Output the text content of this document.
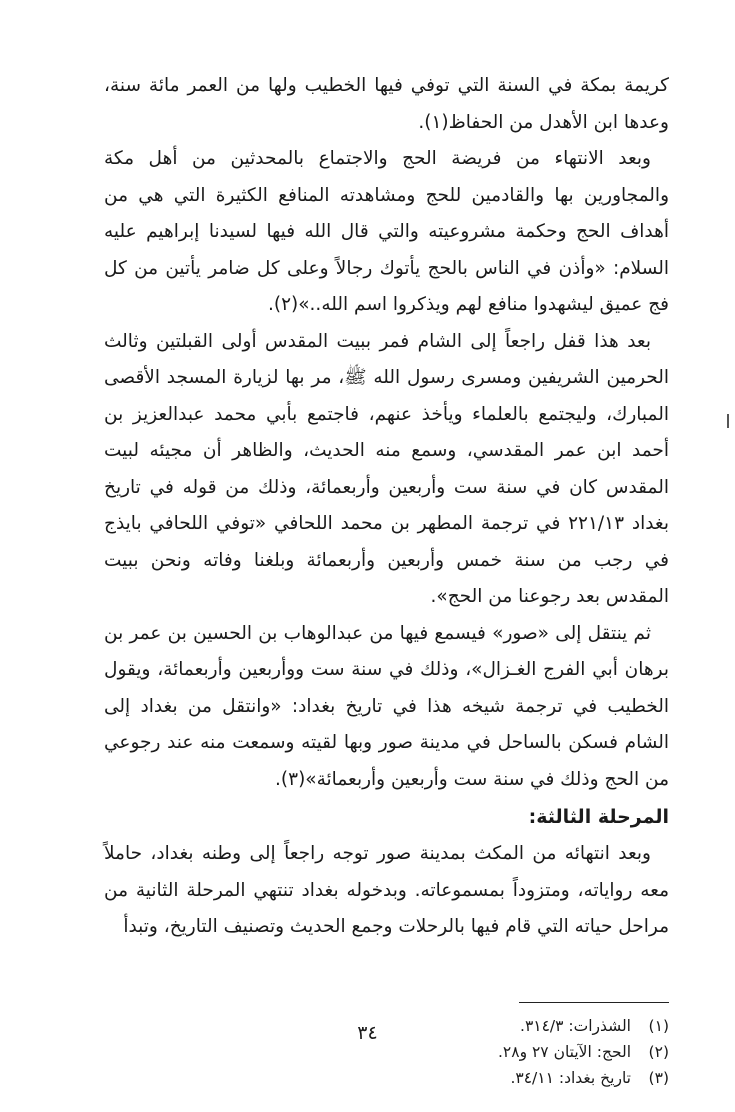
كريمة بمكة في السنة التي توفي فيها الخطيب ولها من العمر مائة سنة، وعدها ابن الأهدل من الحفاظ(١).

وبعد الانتهاء من فريضة الحج والاجتماع بالمحدثين من أهل مكة والمجاورين بها والقادمين للحج ومشاهدته المنافع الكثيرة التي هي من أهداف الحج وحكمة مشروعيته والتي قال الله فيها لسيدنا إبراهيم عليه السلام: «وأذن في الناس بالحج يأتوك رجالاً وعلى كل ضامر يأتين من كل فج عميق ليشهدوا منافع لهم ويذكروا اسم الله..»(٢).

بعد هذا قفل راجعاً إلى الشام فمر ببيت المقدس أولى القبلتين وثالث الحرمين الشريفين ومسرى رسول الله ﷺ، مر بها لزيارة المسجد الأقصى المبارك، وليجتمع بالعلماء ويأخذ عنهم، فاجتمع بأبي محمد عبدالعزيز بن أحمد ابن عمر المقدسي، وسمع منه الحديث، والظاهر أن مجيئه لبيت المقدس كان في سنة ست وأربعين وأربعمائة، وذلك من قوله في تاريخ بغداد ٢٢١/١٣ في ترجمة المطهر بن محمد اللحافي «توفي اللحافي بايذج في رجب من سنة خمس وأربعين وأربعمائة وبلغنا وفاته ونحن ببيت المقدس بعد رجوعنا من الحج».

ثم ينتقل إلى «صور» فيسمع فيها من عبدالوهاب بن الحسين بن عمر بن برهان أبي الفرج الغـزال»، وذلك في سنة ست ووأربعين وأربعمائة، ويقول الخطيب في ترجمة شيخه هذا في تاريخ بغداد: «وانتقل من بغداد إلى الشام فسكن بالساحل في مدينة صور وبها لقيته وسمعت منه عند رجوعي من الحج وذلك في سنة ست وأربعين وأربعمائة»(٣).

المرحلة الثالثة:

وبعد انتهائه من المكث بمدينة صور توجه راجعاً إلى وطنه بغداد، حاملاً معه رواياته، ومتزوداً بمسموعاته. وبدخوله بغداد تنتهي المرحلة الثانية من مراحل حياته التي قام فيها بالرحلات وجمع الحديث وتصنيف التاريخ، وتبدأ

(١)
الشذرات: ٣١٤/٣.
(٢)
الحج: الآيتان ٢٧ و٢٨.
(٣)
تاريخ بغداد: ٣٤/١١.
٣٤
